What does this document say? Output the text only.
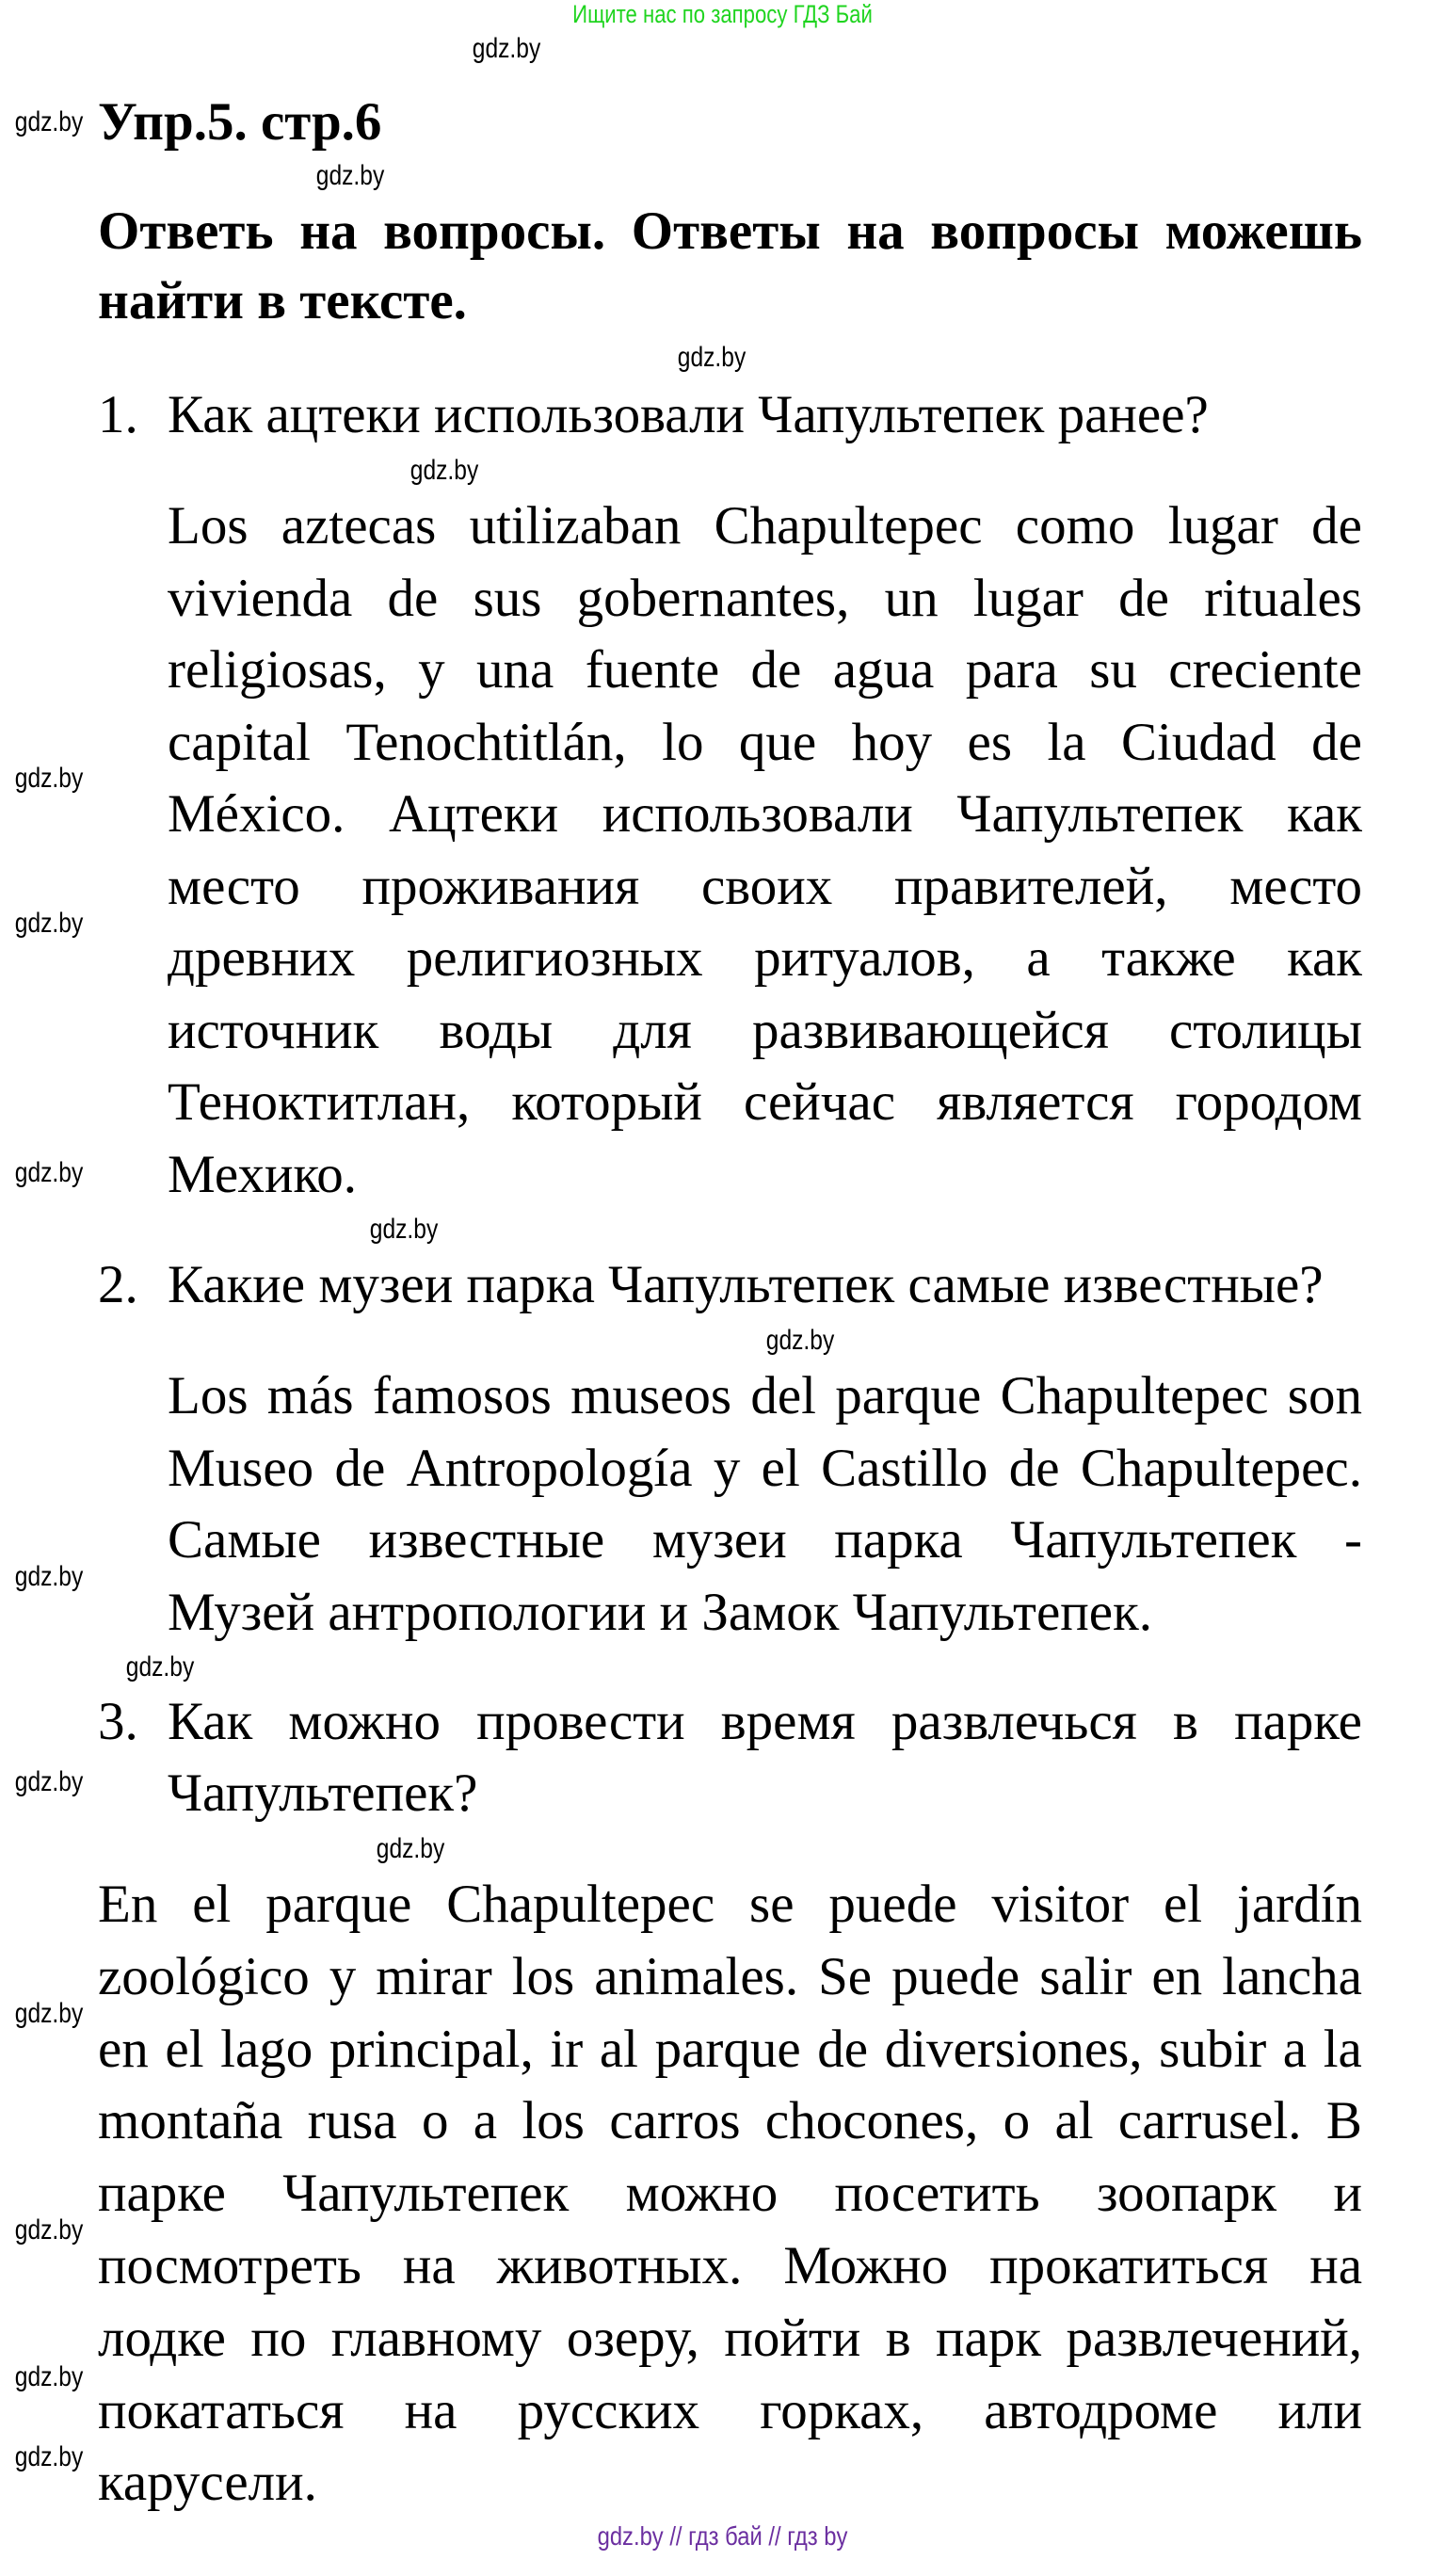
Ищите нас по запросу ГДЗ Бай
gdz.by
gdz.by
gdz.by
gdz.by
gdz.by
gdz.by
gdz.by
gdz.by
gdz.by
gdz.by
gdz.by
gdz.by
gdz.by
gdz.by
gdz.by
gdz.by
gdz.by
gdz.by
Упр.5. стр.6
Ответь на вопросы. Ответы на вопросы можешь
найти в тексте.
1. Как ацтеки использовали Чапультепек ранее?
Los aztecas utilizaban Chapultepec como lugar de
vivienda de sus gobernantes, un lugar de rituales
religiosas, y una fuente de agua para su creciente
capital Tenochtitlán, lo que hoy es la Ciudad de
México. Ацтеки использовали Чапультепек как
место проживания своих правителей, место
древних религиозных ритуалов, а также как
источник воды для развивающейся столицы
Теноктитлан, который сейчас является городом
Мехико.
2. Какие музеи парка Чапультепек самые известные?
Los más famosos museos del parque Chapultepec son
Museo de Antropología y el Castillo de Chapultepec.
Самые известные музеи парка Чапультепек -
Музей антропологии и Замок Чапультепек.
3. Как можно провести время развлечься в парке
Чапультепек?
En el parque Chapultepec se puede visitor el jardín
zoológico y mirar los animales. Se puede salir en lancha
en el lago principal, ir al parque de diversiones, subir a la
montaña rusa o a los carros chocones, o al carrusel. В
парке Чапультепек можно посетить зоопарк и
посмотреть на животных. Можно прокатиться на
лодке по главному озеру, пойти в парк развлечений,
покататься на русских горках, автодроме или
карусели.
gdz.by // гдз бай // гдз by
